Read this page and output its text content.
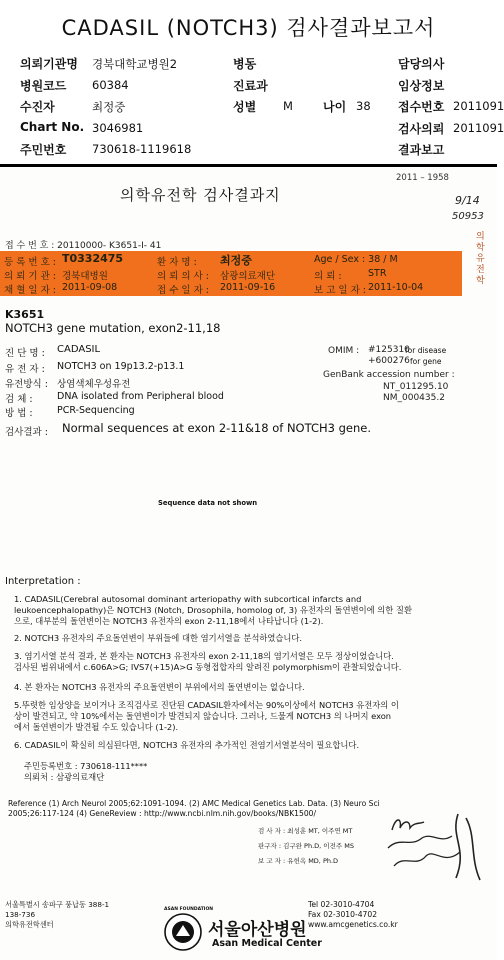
CADASIL (NOTCH3) 검사결과보고서
의뢰기관명 경북대학교병원2
병원코드 60384
수진자	최정중
Chart No. 3046981
주민번호 730618-1119618
병동
진료과
성별 M	나이 38
담당의사
임상정보
접수번호 2011091
검사의뢰 2011091
결과보고
2011 – 1958
의학유전학 검사결과지	9/14
50953
접 수 번 호 : 20110000- K3651-I- 41
등 록 번 호 : T0332475	환 자 명 : 최정중	Age / Sex : 38 / M
의 뢰 기 관 : 경북대병원	의 뢰 의 사 : 삼광의료재단	의 뢰 :	STR
채 혈 일 자 : 2011-09-08	접 수 일 자 : 2011-09-16	보 고 일 자 : 2011-10-04
의학유전학
K3651
NOTCH3 gene mutation, exon2-11,18
진 단 명 : CADASIL
유 전 자 : NOTCH3 on 19p13.2-p13.1
유전방식 : 상염색체우성유전
검 체 :	DNA isolated from Peripheral blood
방 법 :	PCR-Sequencing
OMIM : #125310
for disease
+600276 for gene
GenBank accession number :
NT_011295.10
NM_000435.2
검사결과 : Normal sequences at exon 2-11&18 of NOTCH3 gene.
Sequence data not shown
Interpretation :
1. CADASIL(Cerebral autosomal dominant arteriopathy with subcortical infarcts and
leukoencephalopathy)은 NOTCH3 (Notch, Drosophila, homolog of, 3) 유전자의 돌연변이에 의한 질환
으로, 대부분의 돌연변이는 NOTCH3 유전자의 exon 2-11,18에서 나타납니다 (1-2).
2. NOTCH3 유전자의 주요돌연변이 부위들에 대한 염기서열을 분석하였습니다.
3. 염기서열 분석 결과, 본 환자는 NOTCH3 유전자의 exon 2-11,18의 염기서열은 모두 정상이었습니다.
검사된 범위내에서 c.606A>G; IVS7(+15)A>G 동형접합자의 알려진 polymorphism이 관찰되었습니다.
4. 본 환자는 NOTCH3 유전자의 주요돌연변이 부위에서의 돌연변이는 없습니다.
5.뚜렷한 임상양을 보이거나 조직검사로 진단된 CADASIL환자에서는 90%이상에서 NOTCH3 유전자의 이
상이 발견되고, 약 10%에서는 돌연변이가 발견되지 않습니다. 그러나, 드물게 NOTCH3 의 나머지 exon
에서 돌연변이가 발견될 수도 있습니다 (1-2).
6. CADASIL이 확실히 의심된다면, NOTCH3 유전자의 추가적인 전염기서열분석이 필요합니다.
주민등록번호 : 730618-111****
의뢰처 : 삼광의료재단
Reference (1) Arch Neurol 2005;62:1091-1094. (2) AMC Medical Genetics Lab. Data. (3) Neuro Sci
2005;26:117-124 (4) GeneReview : http://www.ncbi.nlm.nih.gov/books/NBK1500/
검 사 자 : 최성훈 MT, 이주연 MT
판구자 : 김구완 Ph.D, 이전주 MS
보 고 자 : 유헌옥 MD, Ph.D
서울특별시 송파구 풍납동 388-1
138-736
의학유전학센터
ASAN FOUNDATION
서울아산병원
Asan Medical Center
Tel 02-3010-4704
Fax 02-3010-4702
www.amcgenetics.co.kr
